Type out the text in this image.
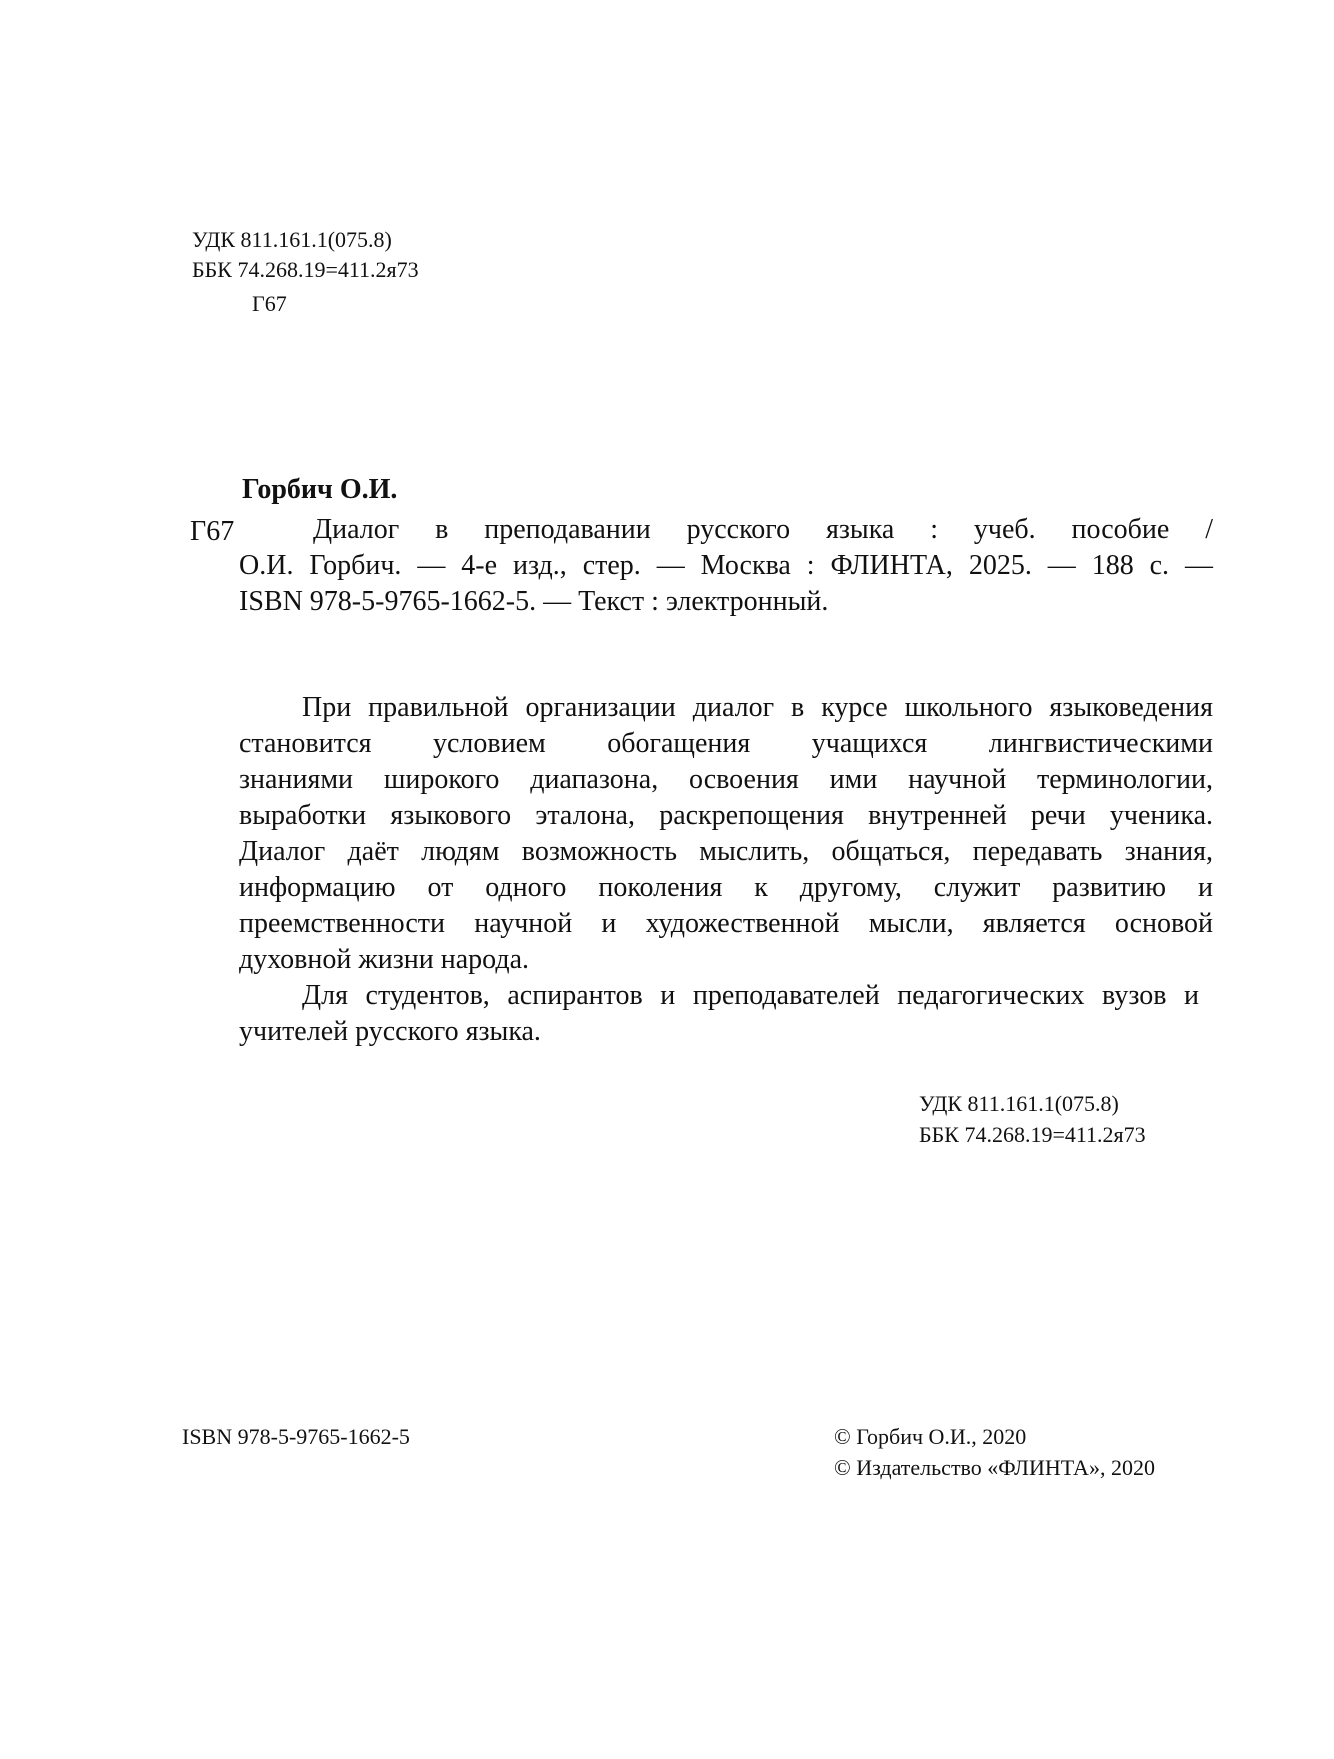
УДК 811.161.1(075.8)
ББК 74.268.19=411.2я73
Г67
Горбич О.И.
Г67	Диалог в преподавании русского языка : учеб. пособие /
О.И. Горбич. — 4-е изд., стер. — Москва : ФЛИНТА, 2025. — 188 с. —
ISBN 978-5-9765-1662-5. — Текст : электронный.
При правильной организации диалог в курсе школьного языковедения
становится условием обогащения учащихся лингвистическими
знаниями широкого диапазона, освоения ими научной терминологии,
выработки языкового эталона, раскрепощения внутренней речи ученика.
Диалог даёт людям возможность мыслить, общаться, передавать знания,
информацию от одного поколения к другому, служит развитию и
преемственности научной и художественной мысли, является основой
духовной жизни народа.
Для студентов, аспирантов и преподавателей педагогических вузов и
учителей русского языка.
УДК 811.161.1(075.8)
ББК 74.268.19=411.2я73
ISBN 978-5-9765-1662-5	© Горбич О.И., 2020
© Издательство «ФЛИНТА», 2020
